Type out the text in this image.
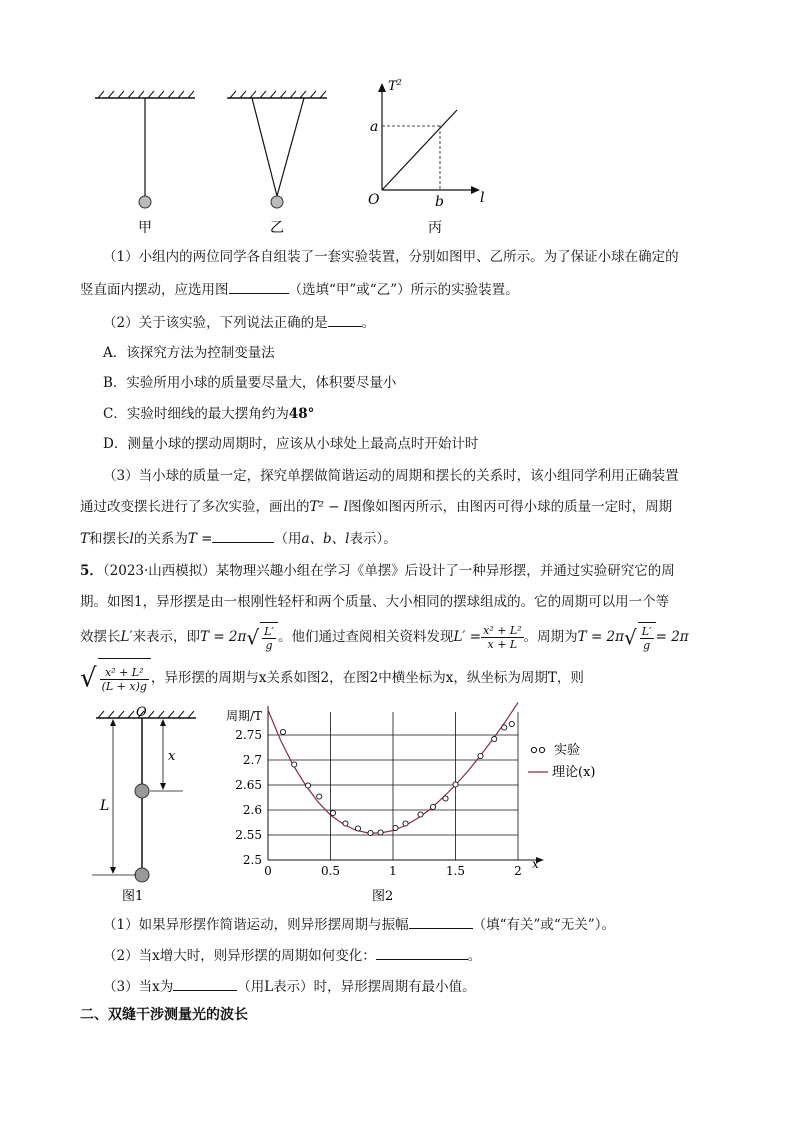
甲	乙
$T^2$
l
a
b
O
丙
（1）小组内的两位同学各自组装了一套实验装置，分别如图甲、乙所示。为了保证小球在确定的
竖直面内摆动，应选用图	（选填“甲”或“乙”）所示的实验装置。
（2）关于该实验，下列说法正确的是	。
A．该探究方法为控制变量法
B．实验所用小球的质量要尽量大，体积要尽量小
C．实验时细线的最大摆角约为48°
D．测量小球的摆动周期时，应该从小球处上最高点时开始计时
（3）当小球的质量一定，探究单摆做简谐运动的周期和摆长的关系时，该小组同学利用正确装置
通过改变摆长进行了多次实验，画出的T² − l图像如图丙所示，由图丙可得小球的质量一定时，周期
T和摆长l的关系为T =	（用a、b、l表示）。
5．（2023·山西模拟）某物理兴趣小组在学习《单摆》后设计了一种异形摆，并通过实验研究它的周
期。如图1，异形摆是由一根刚性轻杆和两个质量、大小相同的摆球组成的。它的周期可以用一个等
效摆长L′来表示，即$T = 2\pi√ \frac{L'}{g}$ 。他们通过查阅相关资料发现$L' = \frac{\text{x² + L²}}{x + L}$ 。周期为$T = 2\pi√ \frac{L'}{g} = 2\pi$
√ $\frac{\text{x² + L²}}{(L + x)g}$ ，异形摆的周期与x关系如图2，在图2中横坐标为x，纵坐标为周期T，则
O
x
L
图1
2.5
2.55
2.6
2.65
2.7
2.75
0	0.5	1	1.5	2 x
周期/T
实验
理论(x)
图2
（1）如果异形摆作简谐运动，则异形摆周期与振幅	（填“有关”或“无关”）。
（2）当x增大时，则异形摆的周期如何变化：	。
（3）当x为	（用L表示）时，异形摆周期有最小值。
二、双缝干涉测量光的波长
